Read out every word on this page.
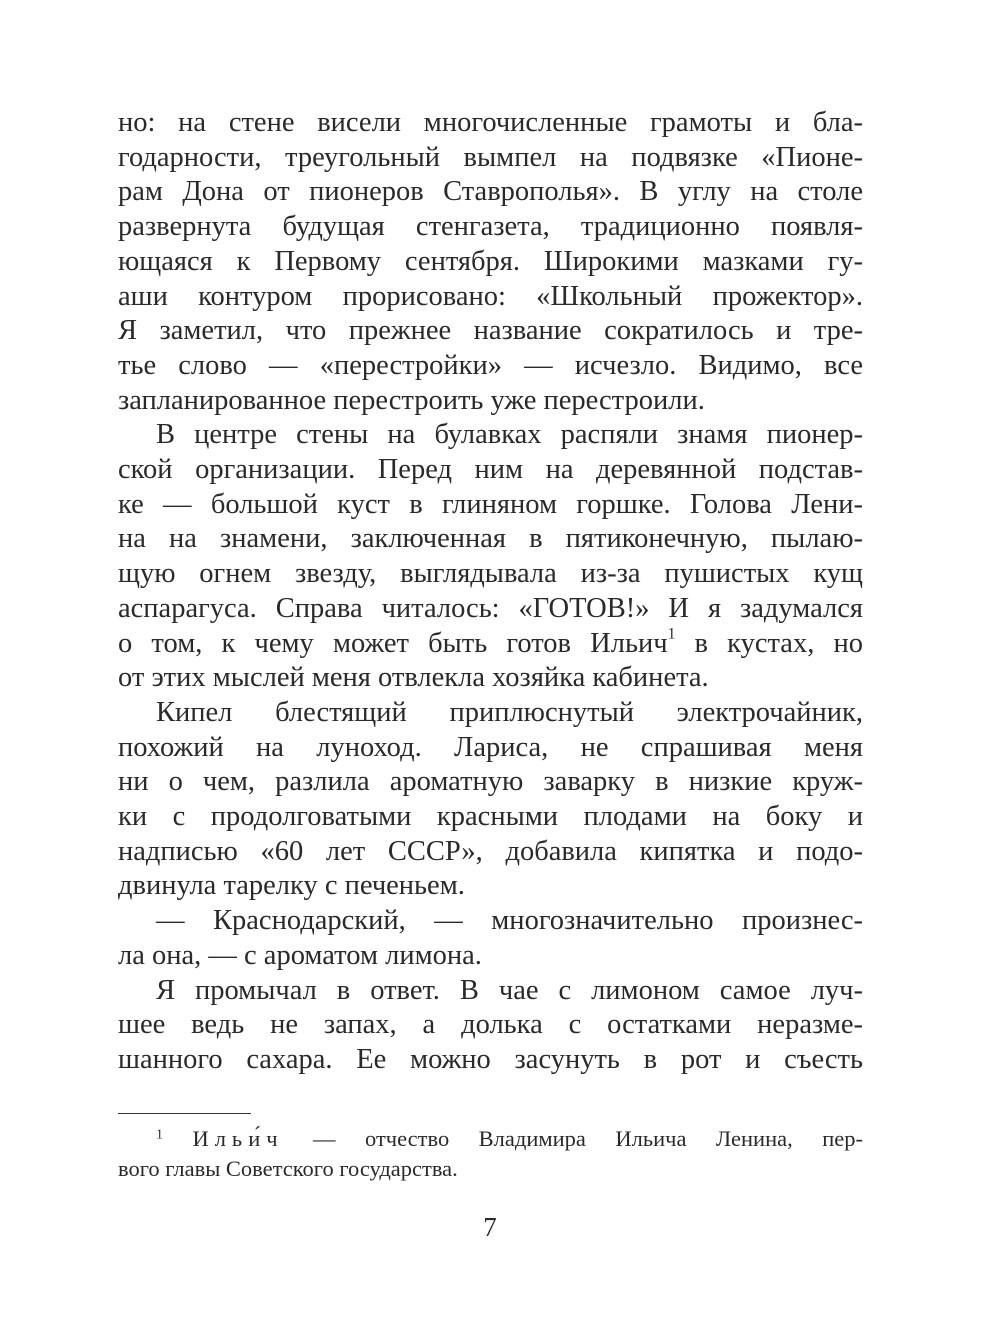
но: на стене висели многочисленные грамоты и бла-
годарности, треугольный вымпел на подвязке «Пионе-
рам Дона от пионеров Ставрополья». В углу на столе
развернута будущая стенгазета, традиционно появля-
ющаяся к Первому сентября. Широкими мазками гу-
аши контуром прорисовано: «Школьный прожектор».
Я заметил, что прежнее название сократилось и тре-
тье слово — «перестройки» — исчезло. Видимо, все
запланированное перестроить уже перестроили.
В центре стены на булавках распяли знамя пионер-
ской организации. Перед ним на деревянной подстав-
ке — большой куст в глиняном горшке. Голова Лени-
на на знамени, заключенная в пятиконечную, пылаю-
щую огнем звезду, выглядывала из-за пушистых кущ
аспарагуса. Справа читалось: «ГОТОВ!» И я задумался
о том, к чему может быть готов Ильич$^1$ в кустах, но
от этих мыслей меня отвлекла хозяйка кабинета.
Кипел блестящий приплюснутый электрочайник,
похожий на луноход. Лариса, не спрашивая меня
ни о чем, разлила ароматную заварку в низкие круж-
ки с продолговатыми красными плодами на боку и
надписью «60 лет СССР», добавила кипятка и подо-
двинула тарелку с печеньем.
— Краснодарский, — многозначительно произнес-
ла она, — с ароматом лимона.
Я промычал в ответ. В чае с лимоном самое луч-
шее ведь не запах, а долька с остатками неразме-
шанного сахара. Ее можно засунуть в рот и съесть
$^1$ Ильи́ч — отчество Владимира Ильича Ленина, пер-
вого главы Советского государства.
7
